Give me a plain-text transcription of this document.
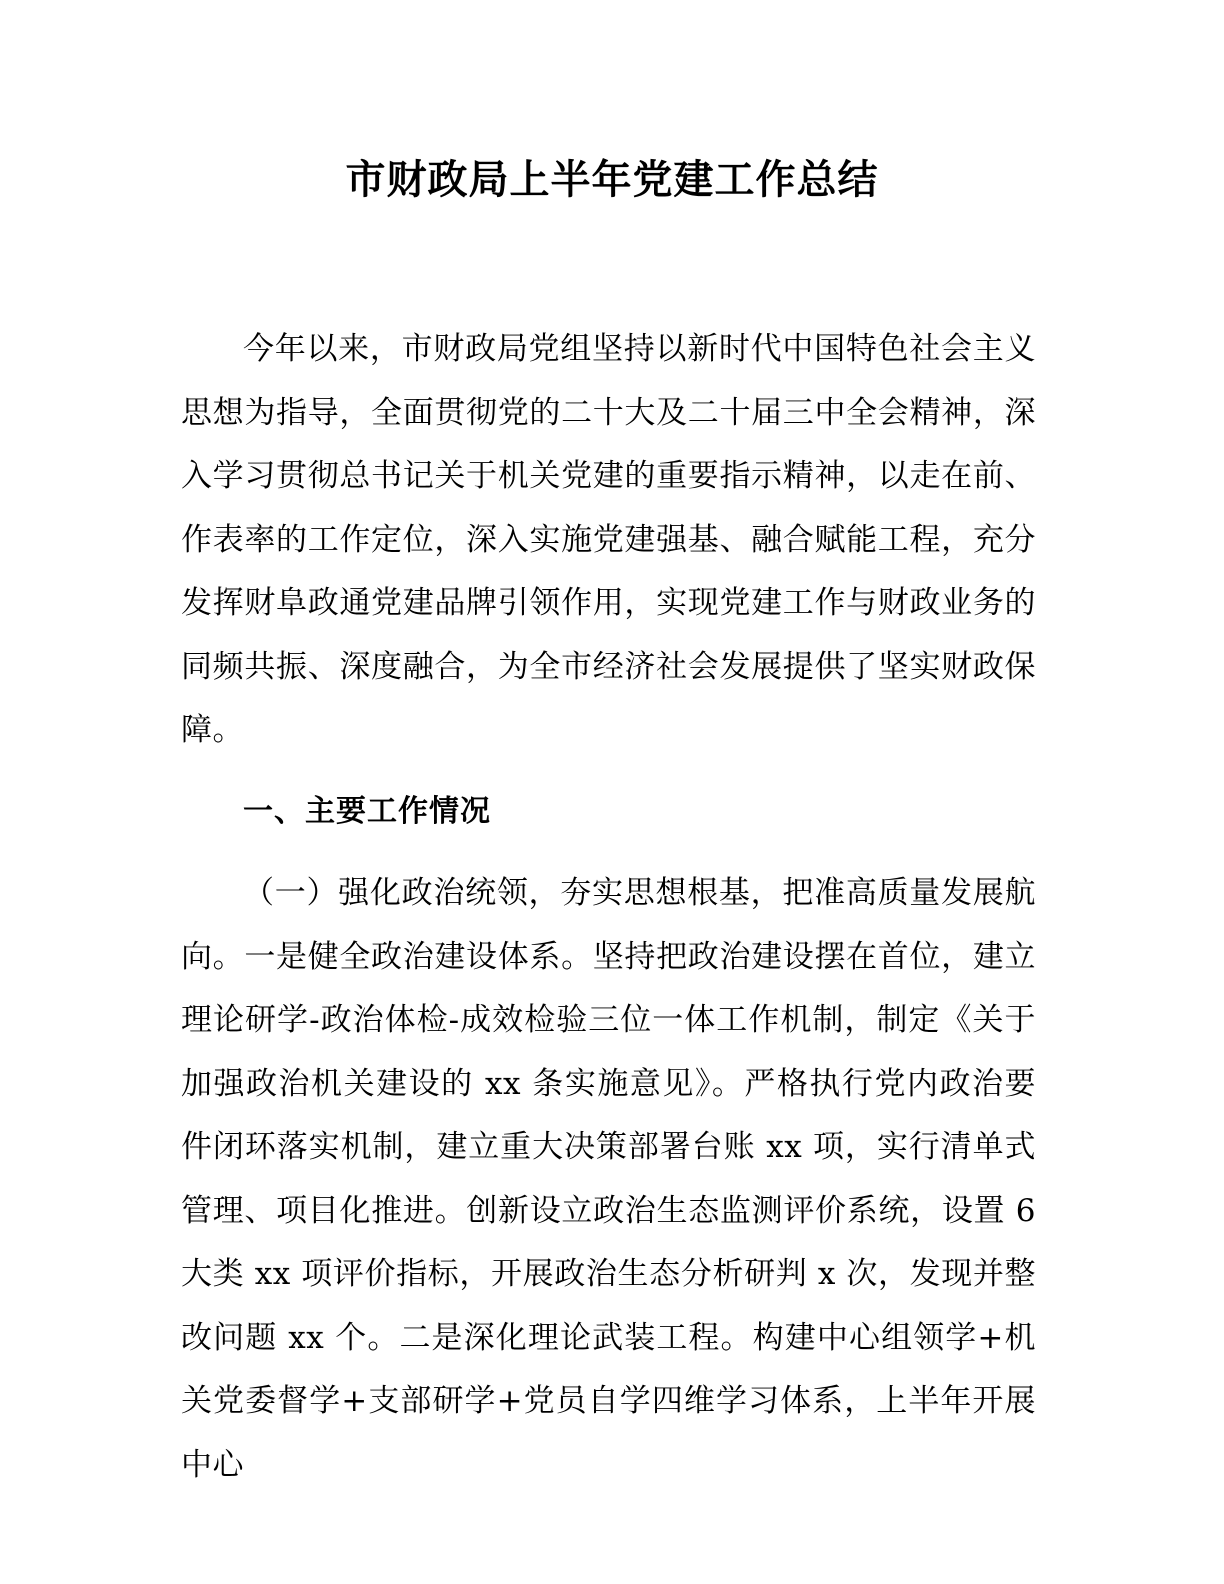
市财政局上半年党建工作总结

今年以来，市财政局党组坚持以新时代中国特色社会主义思想为指导，全面贯彻党的二十大及二十届三中全会精神，深入学习贯彻总书记关于机关党建的重要指示精神，以走在前、作表率的工作定位，深入实施党建强基、融合赋能工程，充分发挥财阜政通党建品牌引领作用，实现党建工作与财政业务的同频共振、深度融合，为全市经济社会发展提供了坚实财政保障。

一、主要工作情况

（一）强化政治统领，夯实思想根基，把准高质量发展航向。一是健全政治建设体系。坚持把政治建设摆在首位，建立理论研学-政治体检-成效检验三位一体工作机制，制定《关于加强政治机关建设的 xx 条实施意见》。严格执行党内政治要件闭环落实机制，建立重大决策部署台账 xx 项，实行清单式管理、项目化推进。创新设立政治生态监测评价系统，设置 6 大类 xx 项评价指标，开展政治生态分析研判 x 次，发现并整改问题 xx 个。二是深化理论武装工程。构建中心组领学+机关党委督学+支部研学+党员自学四维学习体系，上半年开展中心
